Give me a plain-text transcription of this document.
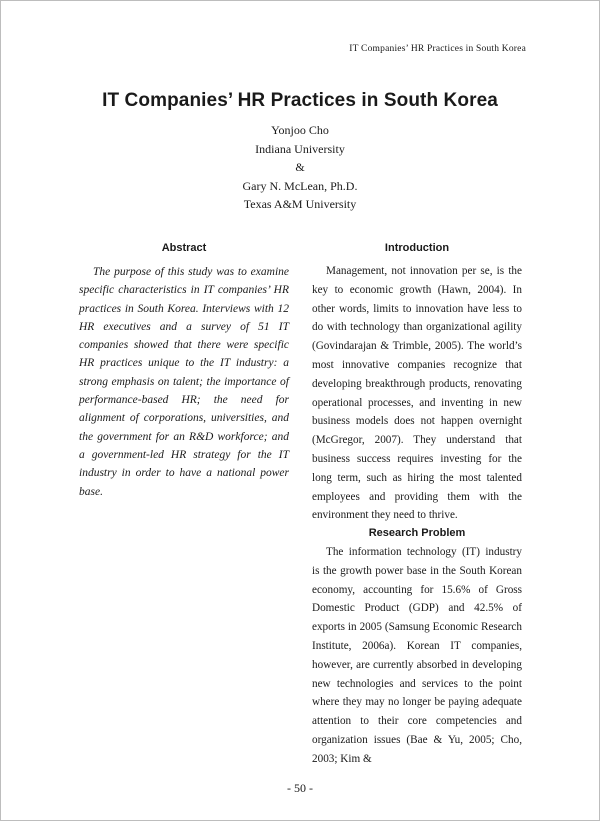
IT Companies’ HR Practices in South Korea
IT Companies’ HR Practices in South Korea
Yonjoo Cho
Indiana University
&
Gary N. McLean, Ph.D.
Texas A&M University
Abstract
The purpose of this study was to examine specific characteristics in IT companies’ HR practices in South Korea. Interviews with 12 HR executives and a survey of 51 IT companies showed that there were specific HR practices unique to the IT industry: a strong emphasis on talent; the importance of performance-based HR; the need for alignment of corporations, universities, and the government for an R&D workforce; and a government-led HR strategy for the IT industry in order to have a national power base.
Introduction
Management, not innovation per se, is the key to economic growth (Hawn, 2004). In other words, limits to innovation have less to do with technology than organizational agility (Govindarajan & Trimble, 2005). The world’s most innovative companies recognize that developing breakthrough products, renovating operational processes, and inventing in new business models does not happen overnight (McGregor, 2007). They understand that business success requires investing for the long term, such as hiring the most talented employees and providing them with the environment they need to thrive.
Research Problem
The information technology (IT) industry is the growth power base in the South Korean economy, accounting for 15.6% of Gross Domestic Product (GDP) and 42.5% of exports in 2005 (Samsung Economic Research Institute, 2006a). Korean IT companies, however, are currently absorbed in developing new technologies and services to the point where they may no longer be paying adequate attention to their core competencies and organization issues (Bae & Yu, 2005; Cho, 2003; Kim &
- 50 -
